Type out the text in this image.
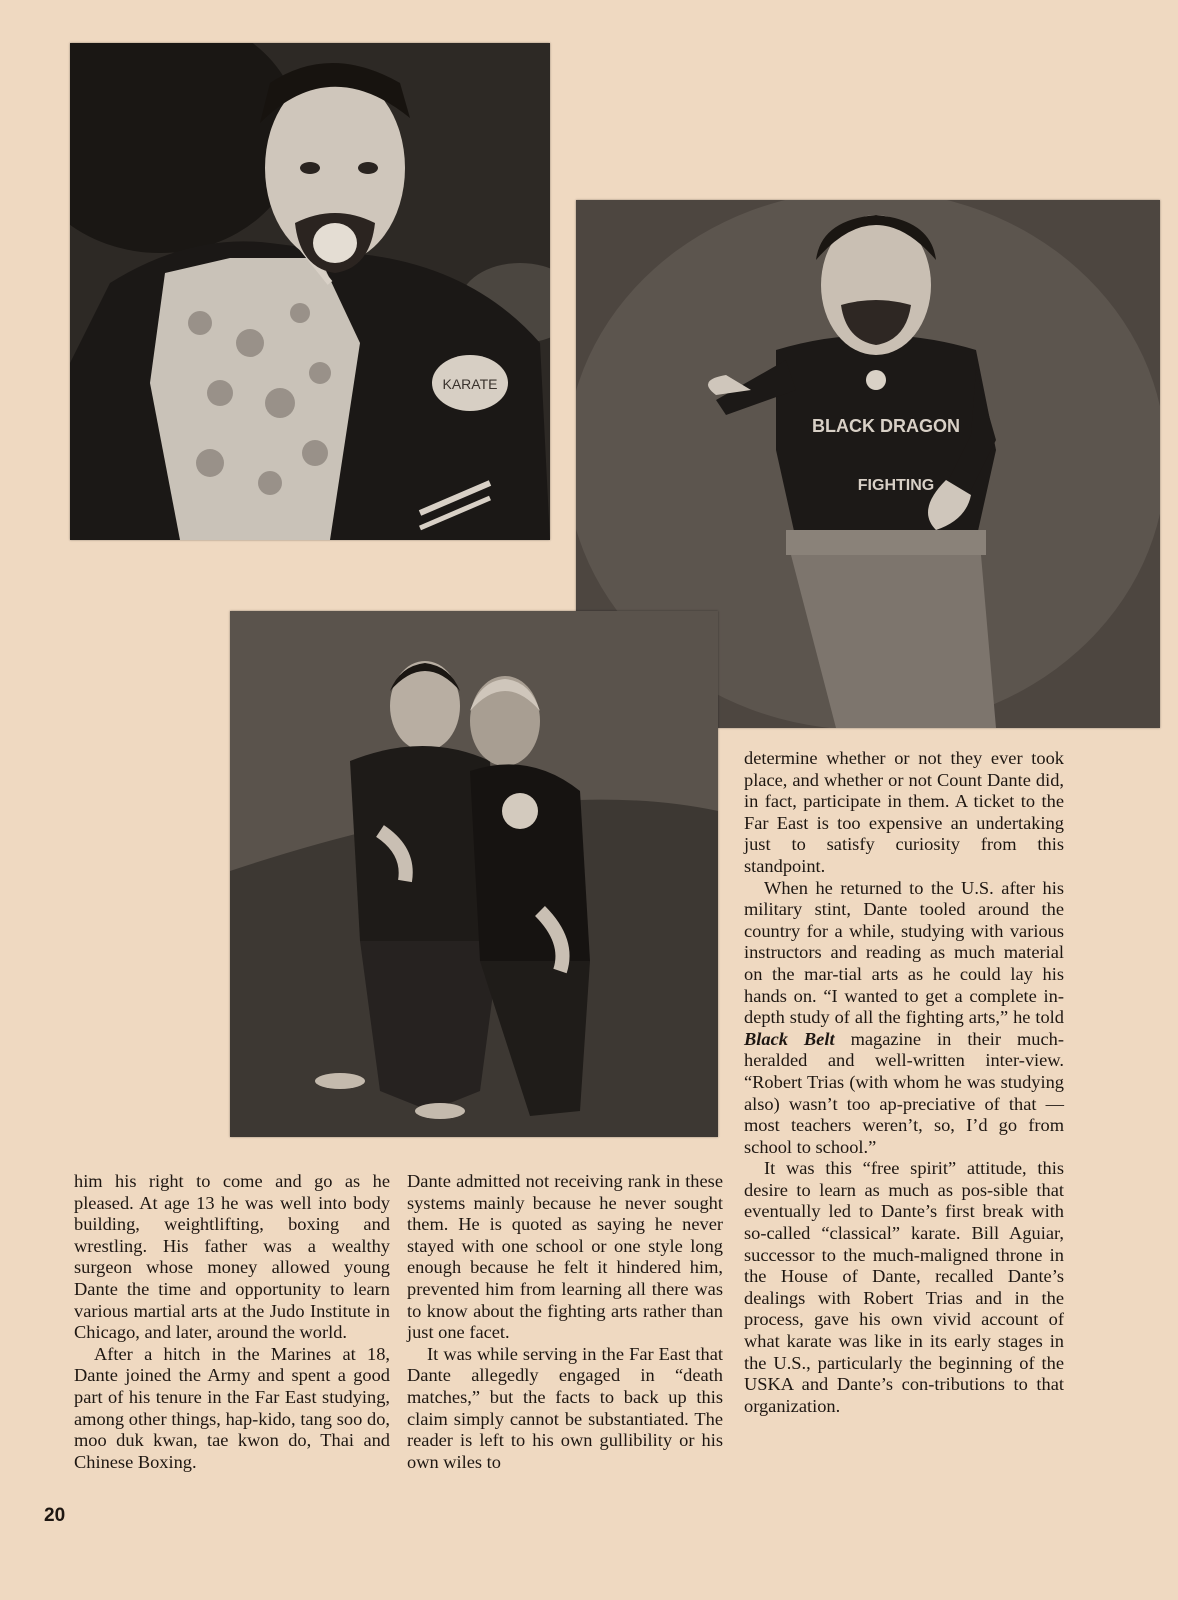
KARATE
BLACK DRAGON
FIGHTING

him his right to come and go as he pleased. At age 13 he was well into body building, weightlifting, boxing and wrestling. His father was a wealthy surgeon whose money allowed young Dante the time and opportunity to learn various martial arts at the Judo Institute in Chicago, and later, around the world.

After a hitch in the Marines at 18, Dante joined the Army and spent a good part of his tenure in the Far East studying, among other things, hap-kido, tang soo do, moo duk kwan, tae kwon do, Thai and Chinese Boxing.

Dante admitted not receiving rank in these systems mainly because he never sought them. He is quoted as saying he never stayed with one school or one style long enough because he felt it hindered him, prevented him from learning all there was to know about the fighting arts rather than just one facet.

It was while serving in the Far East that Dante allegedly engaged in “death matches,” but the facts to back up this claim simply cannot be substantiated. The reader is left to his own gullibility or his own wiles to

determine whether or not they ever took place, and whether or not Count Dante did, in fact, participate in them. A ticket to the Far East is too expensive an undertaking just to satisfy curiosity from this standpoint.

When he returned to the U.S. after his military stint, Dante tooled around the country for a while, studying with various instructors and reading as much material on the mar-tial arts as he could lay his hands on. “I wanted to get a complete in-depth study of all the fighting arts,” he told Black Belt magazine in their much-heralded and well-written inter-view. “Robert Trias (with whom he was studying also) wasn’t too ap-preciative of that — most teachers weren’t, so, I’d go from school to school.”

It was this “free spirit” attitude, this desire to learn as much as pos-sible that eventually led to Dante’s first break with so-called “classical” karate. Bill Aguiar, successor to the much-maligned throne in the House of Dante, recalled Dante’s dealings with Robert Trias and in the process, gave his own vivid account of what karate was like in its early stages in the U.S., particularly the beginning of the USKA and Dante’s con-tributions to that organization.

20
